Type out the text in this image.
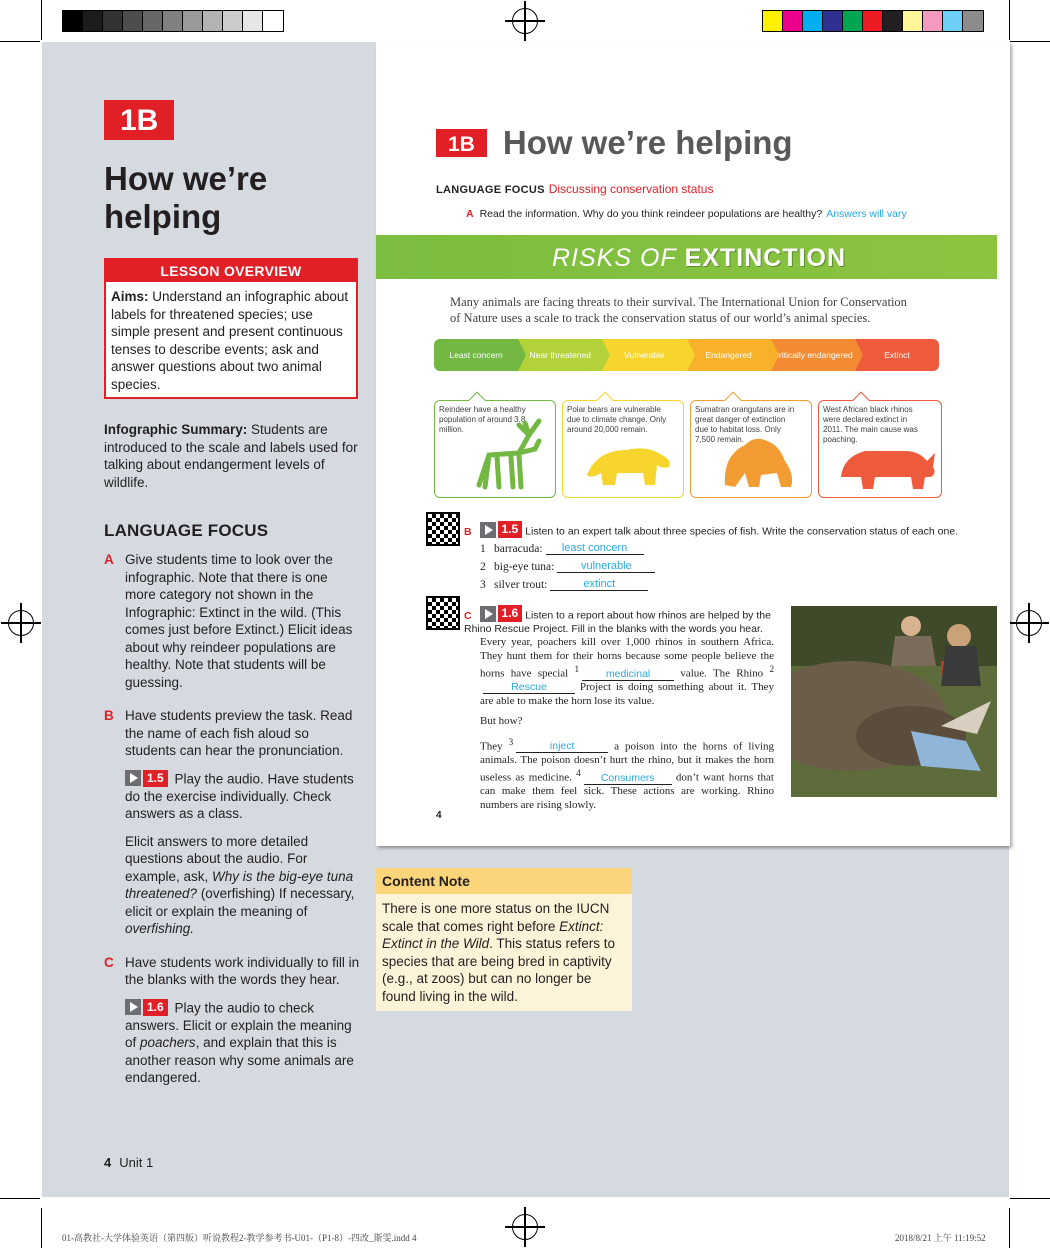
1B
How we’re
helping
LESSON OVERVIEW
Aims: Understand an infographic about labels for threatened species; use simple present and present continuous tenses to describe events; ask and answer questions about two animal species.
Infographic Summary: Students are introduced to the scale and labels used for talking about endangerment levels of wildlife.
LANGUAGE FOCUS
A Give students time to look over the infographic. Note that there is one more category not shown in the Infographic: Extinct in the wild. (This comes just before Extinct.) Elicit ideas about why reindeer populations are healthy. Note that students will be guessing.
B Have students preview the task. Read the name of each fish aloud so students can hear the pronunciation.
1.5 Play the audio. Have students do the exercise individually. Check answers as a class.
Elicit answers to more detailed questions about the audio. For example, ask, Why is the big-eye tuna threatened? (overfishing) If necessary, elicit or explain the meaning of overfishing.
C Have students work individually to fill in the blanks with the words they hear.
1.6 Play the audio to check answers. Elicit or explain the meaning of poachers, and explain that this is another reason why some animals are endangered.
4 Unit 1
1B How we’re helping
LANGUAGE FOCUS Discussing conservation status
A Read the information. Why do you think reindeer populations are healthy? Answers will vary
RISKS OF EXTINCTION
Many animals are facing threats to their survival. The International Union for Conservation of Nature uses a scale to track the conservation status of our world’s animal species.
Least concern	Near threatened	Vulnerable	Endangered	Critically endangered	Extinct
Reindeer have a healthy population of around 3.8 million.
Polar bears are vulnerable due to climate change. Only around 20,000 remain.
Sumatran orangutans are in great danger of extinction due to habitat loss. Only 7,500 remain.
West African black rhinos were declared extinct in 2011. The main cause was poaching.
B	1.5 Listen to an expert talk about three species of fish. Write the conservation status of each one.
1 barracuda:	least concern
2 big-eye tuna:	vulnerable
3 silver trout:	extinct
C	1.6 Listen to a report about how rhinos are helped by the Rhino Rescue Project. Fill in the blanks with the words you hear.

Every year, poachers kill over 1,000 rhinos in southern Africa. They hunt them for their horns because some people believe the horns have special $^1$	medicinal value. The Rhino $^2$Rescue	Project is doing something about it. They are able to make the horn lose its value.

But how?

They $^3$	inject	a poison into the horns of living animals. The poison doesn’t hurt the rhino, but it makes the horn useless as medicine. $^4$ Consumers don’t want horns that can make them feel sick. These actions are working. Rhino numbers are rising slowly.

4
Content Note
There is one more status on the IUCN scale that comes right before Extinct: Extinct in the Wild. This status refers to species that are being bred in captivity (e.g., at zoos) but can no longer be found living in the wild.
01-高教社-大学体验英语（第四版）听说教程2-教学参考书-U01-（P1-8）-四改_斯雯.indd 4	2018/8/21 上午 11:19:52
